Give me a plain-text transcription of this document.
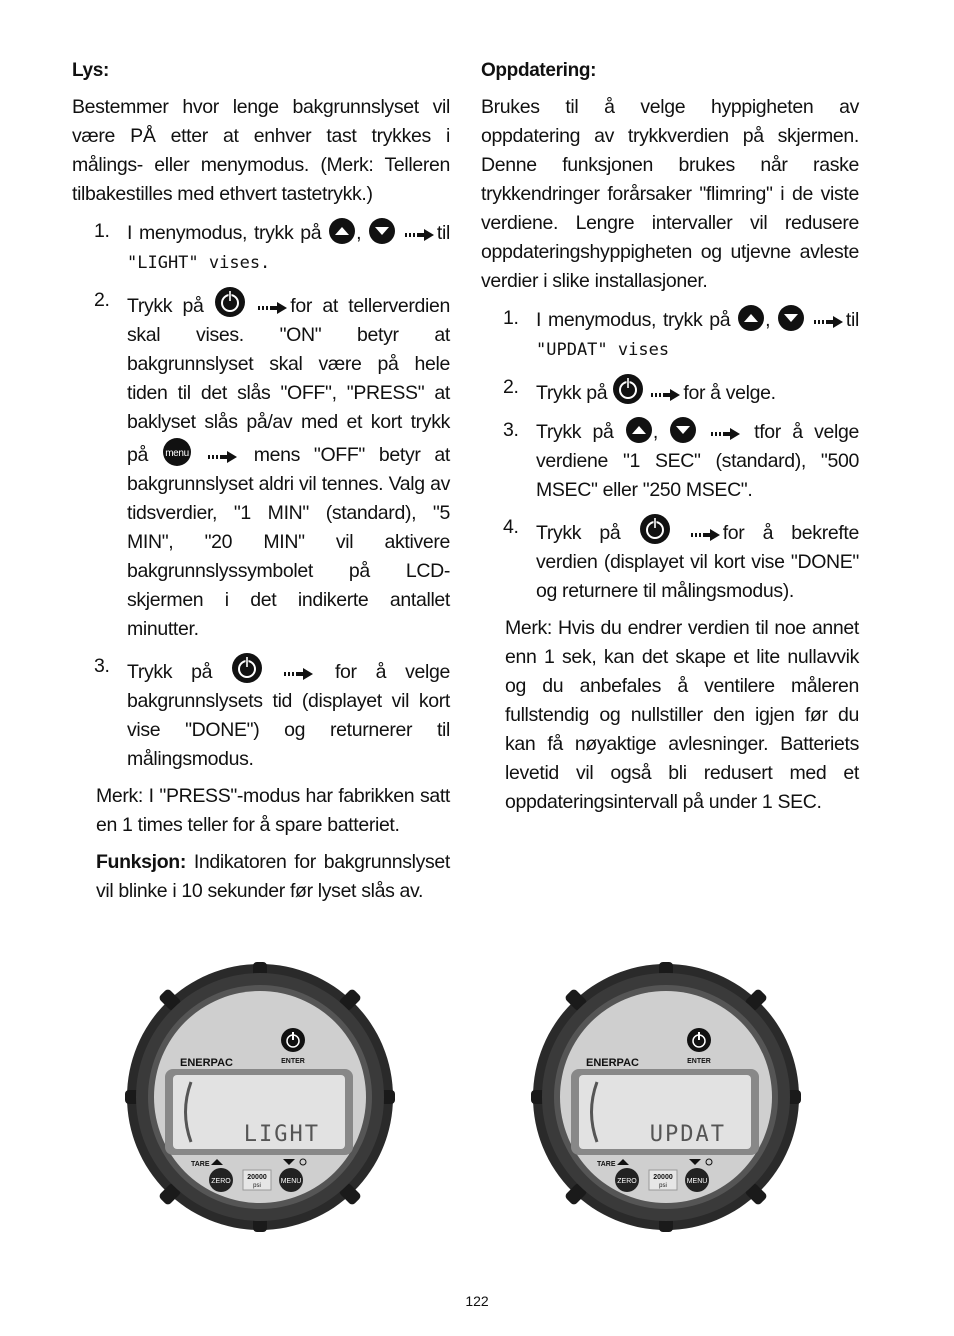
Lys:

Bestemmer hvor lenge bakgrunnslyset vil være PÅ etter at enhver tast trykkes i målings- eller menymodus. (Merk: Telleren tilbakestilles med ethvert tastetrykk.)

1. I menymodus, trykk på ,	til "LIGHT" vises.
2. Trykk på	for at tellerverdien skal vises. "ON" betyr at bakgrunnslyset skal være på hele tiden til det slås "OFF", "PRESS" at baklyset slås på/av med et kort trykk på menu	mens "OFF" betyr at bakgrunnslyset aldri vil tennes. Valg av tidsverdier, "1 MIN" (standard), "5 MIN", "20 MIN" vil aktivere bakgrunnslyssymbolet på LCD-skjermen i det indikerte antallet minutter.
3. Trykk på	for å velge bakgrunnslysets tid (displayet vil kort vise "DONE") og returnerer til målingsmodus.
Merk: I "PRESS"-modus har fabrikken satt en 1 times teller for å spare batteriet.
Funksjon: Indikatoren for bakgrunnslyset vil blinke i 10 sekunder før lyset slås av.
Oppdatering:

Brukes til å velge hyppigheten av oppdatering av trykkverdien på skjermen. Denne funksjonen brukes når raske trykkendringer forårsaker "flimring" i de viste verdiene. Lengre intervaller vil redusere oppdateringshyppigheten og utjevne avleste verdier i slike installasjoner.

1. I menymodus, trykk på ,	til "UPDAT" vises
2. Trykk på	for å velge.
3. Trykk på ,	tfor å velge verdiene "1 SEC" (standard), "500 MSEC" eller "250 MSEC".
4. Trykk på	for å bekrefte verdien (displayet vil kort vise "DONE" og returnere til målingsmodus).
Merk: Hvis du endrer verdien til noe annet enn 1 sek, kan det skape et lite nullavvik og du anbefales å ventilere måleren fullstendig og nullstiller den igjen før du kan få nøyaktige avlesninger. Batteriets levetid vil også bli redusert med et oppdateringsintervall på under 1 SEC.
ENERPAC	ENTER
LIGHT
TARE
ZERO
20000
psi
MENU
ENERPAC	ENTER
UPDAT
TARE
ZERO
20000
psi
MENU
122
